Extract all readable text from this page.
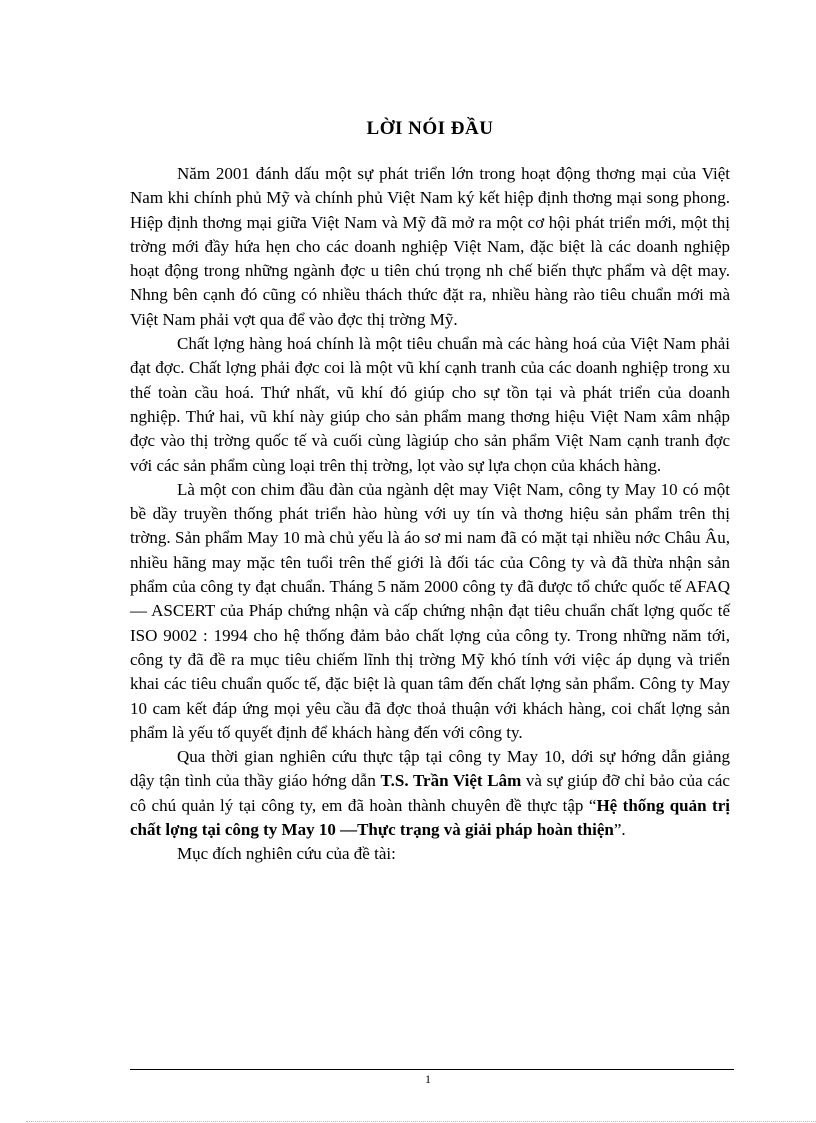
LỜI NÓI ĐẦU

Năm 2001 đánh dấu một sự phát triển lớn trong hoạt động thơng mại của Việt Nam khi chính phủ Mỹ và chính phủ Việt Nam ký kết hiệp định thơng mại song phong. Hiệp định thơng mại giữa Việt Nam và Mỹ đã mở ra một cơ hội phát triển mới, một thị trờng mới đầy hứa hẹn cho các doanh nghiệp Việt Nam, đặc biệt là các doanh nghiệp hoạt động trong những ngành đợc u tiên chú trọng nh chế biến thực phẩm và dệt may. Nhng bên cạnh đó cũng có nhiều thách thức đặt ra, nhiều hàng rào tiêu chuẩn mới mà Việt Nam phải vợt qua để vào đợc thị trờng Mỹ.

Chất lợng hàng hoá chính là một tiêu chuẩn mà các hàng hoá của Việt Nam phải đạt đợc. Chất lợng phải đợc coi là một vũ khí cạnh tranh của các doanh nghiệp trong xu thế toàn cầu hoá. Thứ nhất, vũ khí đó giúp cho sự tồn tại và phát triển của doanh nghiệp. Thứ hai, vũ khí này giúp cho sản phẩm mang thơng hiệu Việt Nam xâm nhập đợc vào thị trờng quốc tế và cuối cùng làgiúp cho sản phẩm Việt Nam cạnh tranh đợc với các sản phẩm cùng loại trên thị trờng, lọt vào sự lựa chọn của khách hàng.

Là một con chim đầu đàn của ngành dệt may Việt Nam, công ty May 10 có một bề dầy truyền thống phát triển hào hùng với uy tín và thơng hiệu sản phẩm trên thị trờng. Sản phẩm May 10 mà chủ yếu là áo sơ mi nam đã có mặt tại nhiều nớc Châu Âu, nhiều hãng may mặc tên tuổi trên thế giới là đối tác của Công ty và đã thừa nhận sản phẩm của công ty đạt chuẩn. Tháng 5 năm 2000 công ty đã được tổ chức quốc tế AFAQ — ASCERT của Pháp chứng nhận và cấp chứng nhận đạt tiêu chuẩn chất lợng quốc tế ISO 9002 : 1994 cho hệ thống đảm bảo chất lợng của công ty. Trong những năm tới, công ty đã đề ra mục tiêu chiếm lĩnh thị trờng Mỹ khó tính với việc áp dụng và triển khai các tiêu chuẩn quốc tế, đặc biệt là quan tâm đến chất lợng sản phẩm. Công ty May 10 cam kết đáp ứng mọi yêu cầu đã đợc thoả thuận với khách hàng, coi chất lợng sản phẩm là yếu tố quyết định để khách hàng đến với công ty.

Qua thời gian nghiên cứu thực tập tại công ty May 10, dới sự hớng dẫn giảng dậy tận tình của thầy giáo hớng dẫn T.S. Trần Việt Lâm và sự giúp đỡ chỉ bảo của các cô chú quản lý tại công ty, em đã hoàn thành chuyên đề thực tập “Hệ thống quản trị chất lợng tại công ty May 10 —Thực trạng và giải pháp hoàn thiện”.

Mục đích nghiên cứu của đề tài:

1
